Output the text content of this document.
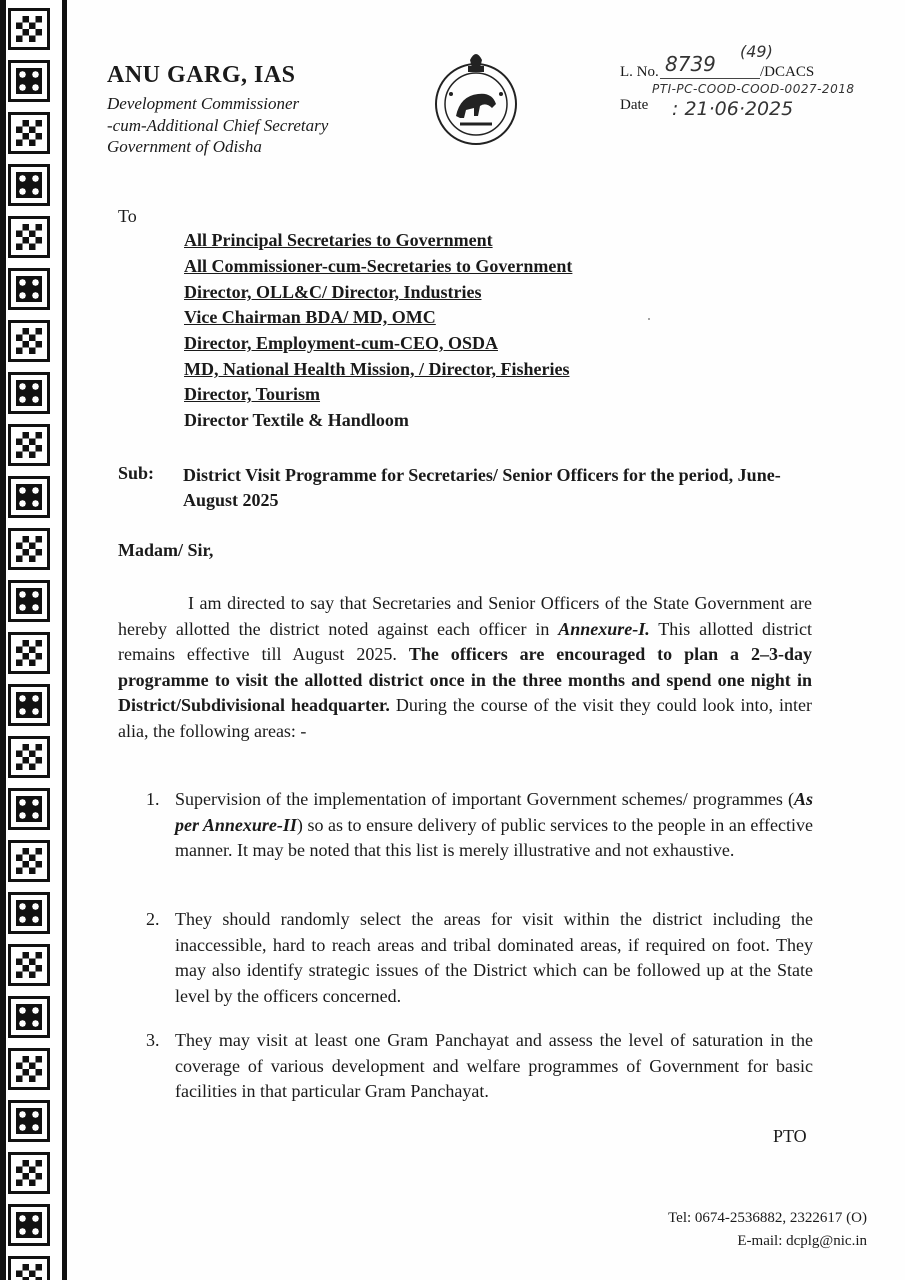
ANU GARG, IAS
Development Commissioner
-cum-Additional Chief Secretary
Government of Odisha
L. No. 8739
(49)
/DCACS
PTI-PC-COOD-COOD-0027-2018
Date : 21·06·2025
To
All Principal Secretaries to Government
All Commissioner-cum-Secretaries to Government
Director, OLL&C/ Director, Industries
Vice Chairman BDA/ MD, OMC
Director, Employment-cum-CEO, OSDA
MD, National Health Mission, / Director, Fisheries
Director, Tourism
Director Textile & Handloom
Sub: District Visit Programme for Secretaries/ Senior Officers for the period, June- August 2025
Madam/ Sir,
I am directed to say that Secretaries and Senior Officers of the State Government are hereby allotted the district noted against each officer in Annexure-I. This allotted district remains effective till August 2025. The officers are encouraged to plan a 2–3-day programme to visit the allotted district once in the three months and spend one night in District/Subdivisional headquarter. During the course of the visit they could look into, inter alia, the following areas: -
1. Supervision of the implementation of important Government schemes/ programmes (As per Annexure-II) so as to ensure delivery of public services to the people in an effective manner. It may be noted that this list is merely illustrative and not exhaustive.
2. They should randomly select the areas for visit within the district including the inaccessible, hard to reach areas and tribal dominated areas, if required on foot. They may also identify strategic issues of the District which can be followed up at the State level by the officers concerned.
3. They may visit at least one Gram Panchayat and assess the level of saturation in the coverage of various development and welfare programmes of Government for basic facilities in that particular Gram Panchayat.
PTO
Tel: 0674-2536882, 2322617 (O)
E-mail: dcplg@nic.in
